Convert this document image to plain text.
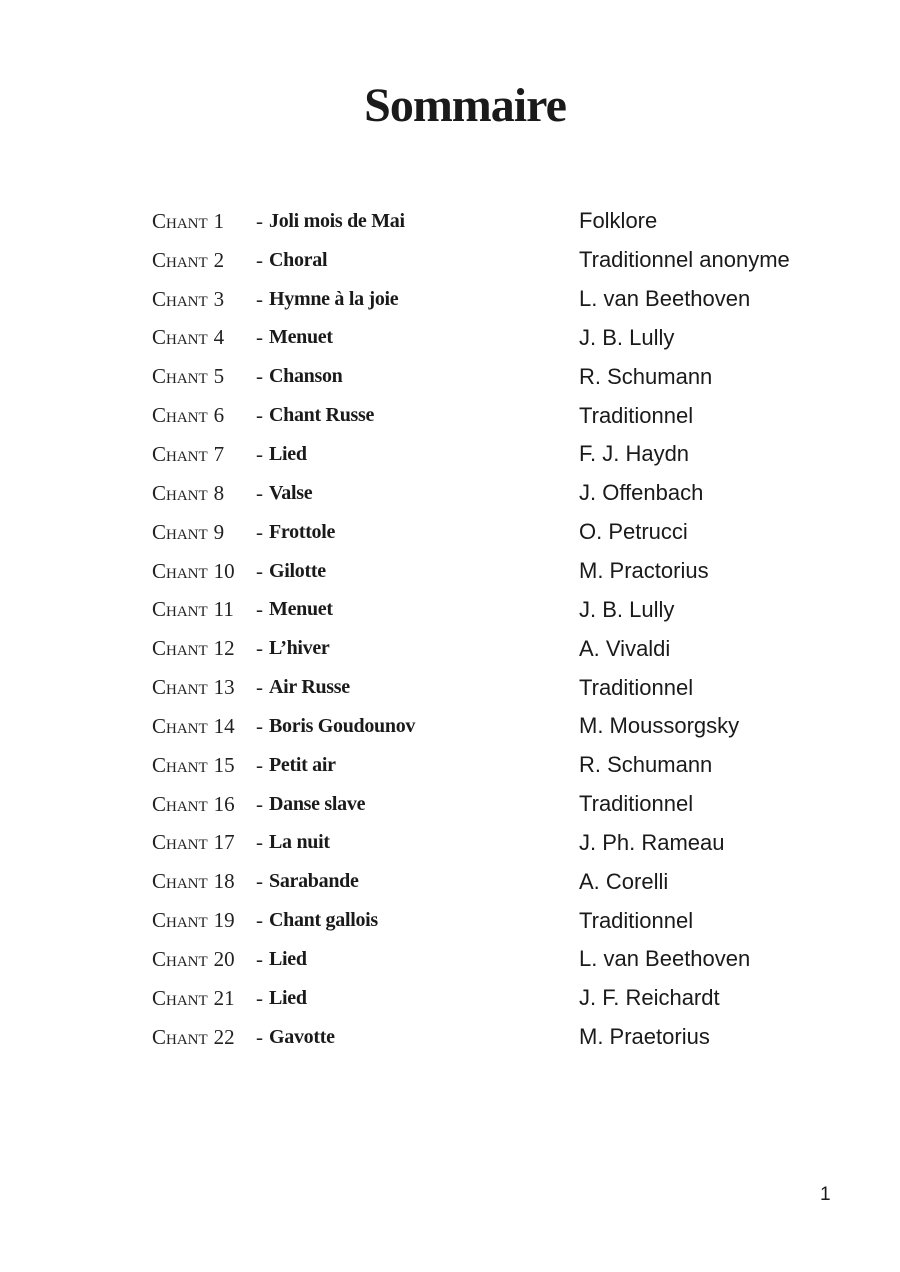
Sommaire
Chant 1	- Joli mois de Mai	Folklore
Chant 2	- Choral	Traditionnel anonyme
Chant 3	- Hymne à la joie	L. van Beethoven
Chant 4	- Menuet	J. B. Lully
Chant 5	- Chanson	R. Schumann
Chant 6	- Chant Russe	Traditionnel
Chant 7	- Lied	F. J. Haydn
Chant 8	- Valse	J. Offenbach
Chant 9	- Frottole	O. Petrucci
Chant 10	- Gilotte	M. Practorius
Chant 11	- Menuet	J. B. Lully
Chant 12	- L’hiver	A. Vivaldi
Chant 13	- Air Russe	Traditionnel
Chant 14	- Boris Goudounov	M. Moussorgsky
Chant 15	- Petit air	R. Schumann
Chant 16	- Danse slave	Traditionnel
Chant 17	- La nuit	J. Ph. Rameau
Chant 18	- Sarabande	A. Corelli
Chant 19	- Chant gallois	Traditionnel
Chant 20	- Lied	L. van Beethoven
Chant 21	- Lied	J. F. Reichardt
Chant 22	- Gavotte	M. Praetorius
1
